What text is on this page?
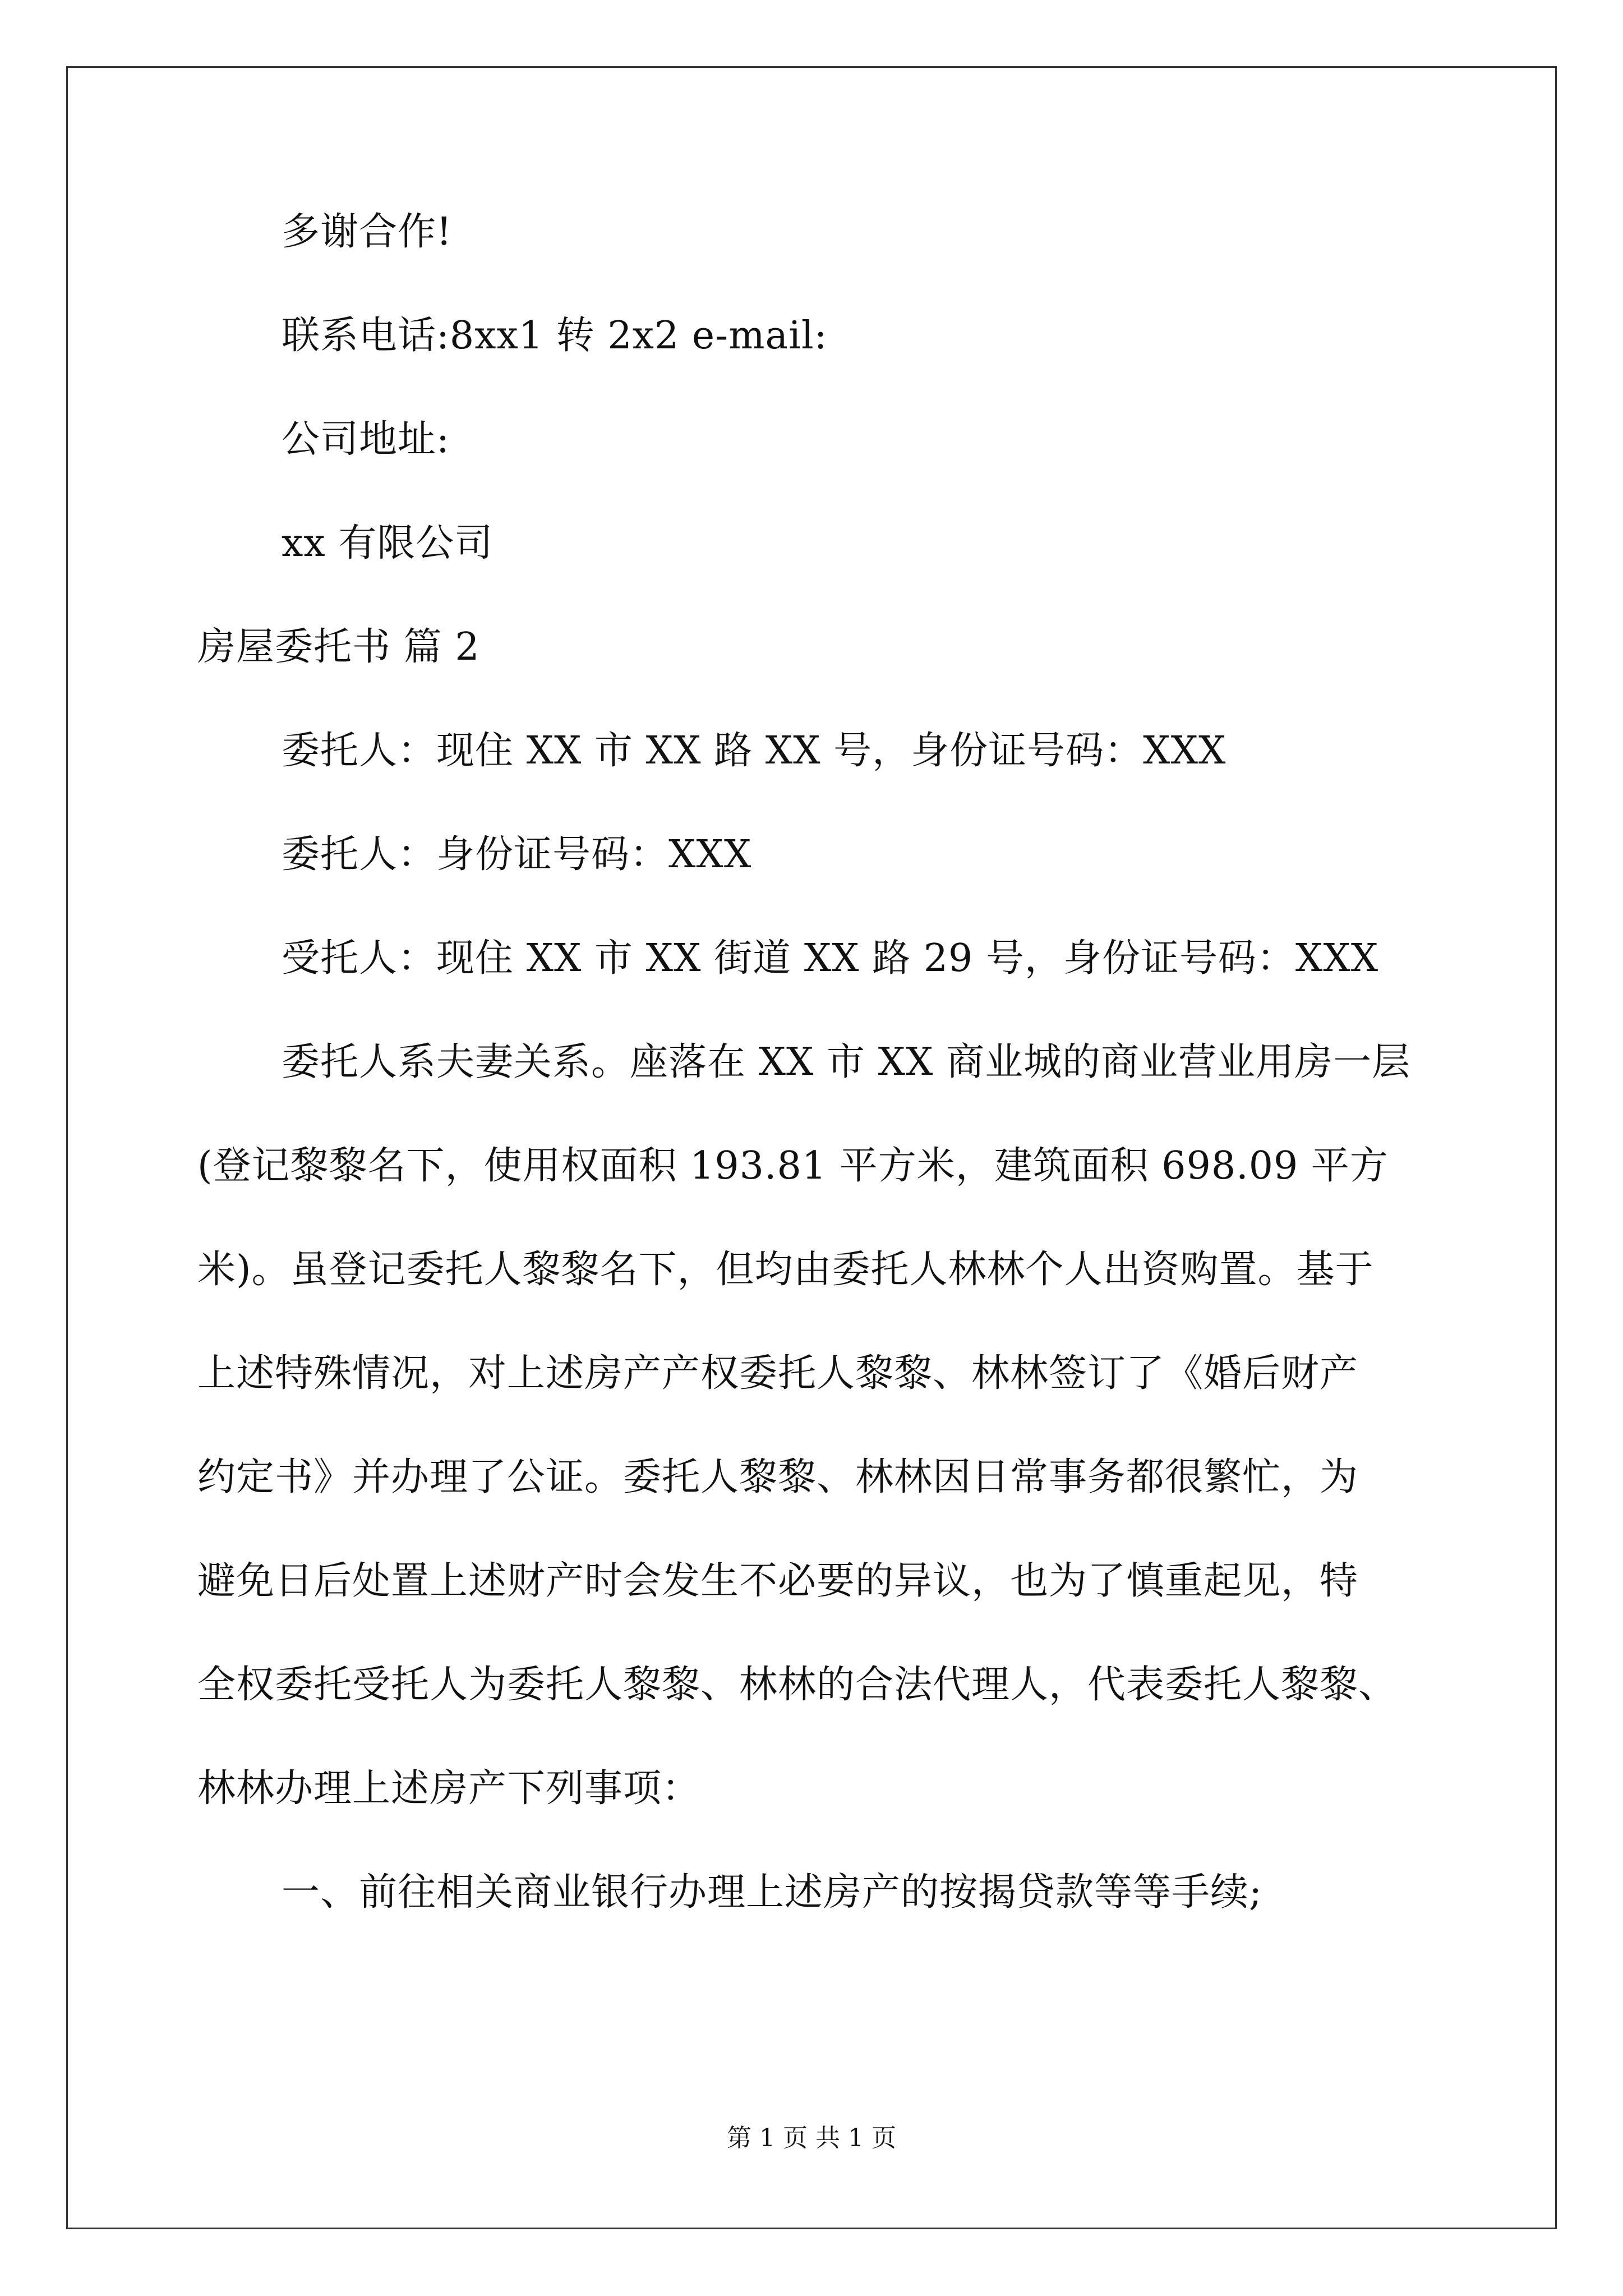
多谢合作!
联系电话:8xx1 转 2x2 e-mail:
公司地址:
xx 有限公司
房屋委托书 篇 2
委托人：现住 XX 市 XX 路 XX 号，身份证号码：XXX
委托人：身份证号码：XXX
受托人：现住 XX 市 XX 街道 XX 路 29 号，身份证号码：XXX
委托人系夫妻关系。座落在 XX 市 XX 商业城的商业营业用房一层
(登记黎黎名下，使用权面积 193.81 平方米，建筑面积 698.09 平方
米)。虽登记委托人黎黎名下，但均由委托人林林个人出资购置。基于
上述特殊情况，对上述房产产权委托人黎黎、林林签订了《婚后财产
约定书》并办理了公证。委托人黎黎、林林因日常事务都很繁忙，为
避免日后处置上述财产时会发生不必要的异议，也为了慎重起见，特
全权委托受托人为委托人黎黎、林林的合法代理人，代表委托人黎黎、
林林办理上述房产下列事项：
一、前往相关商业银行办理上述房产的按揭贷款等等手续;
第 1 页 共 1 页
